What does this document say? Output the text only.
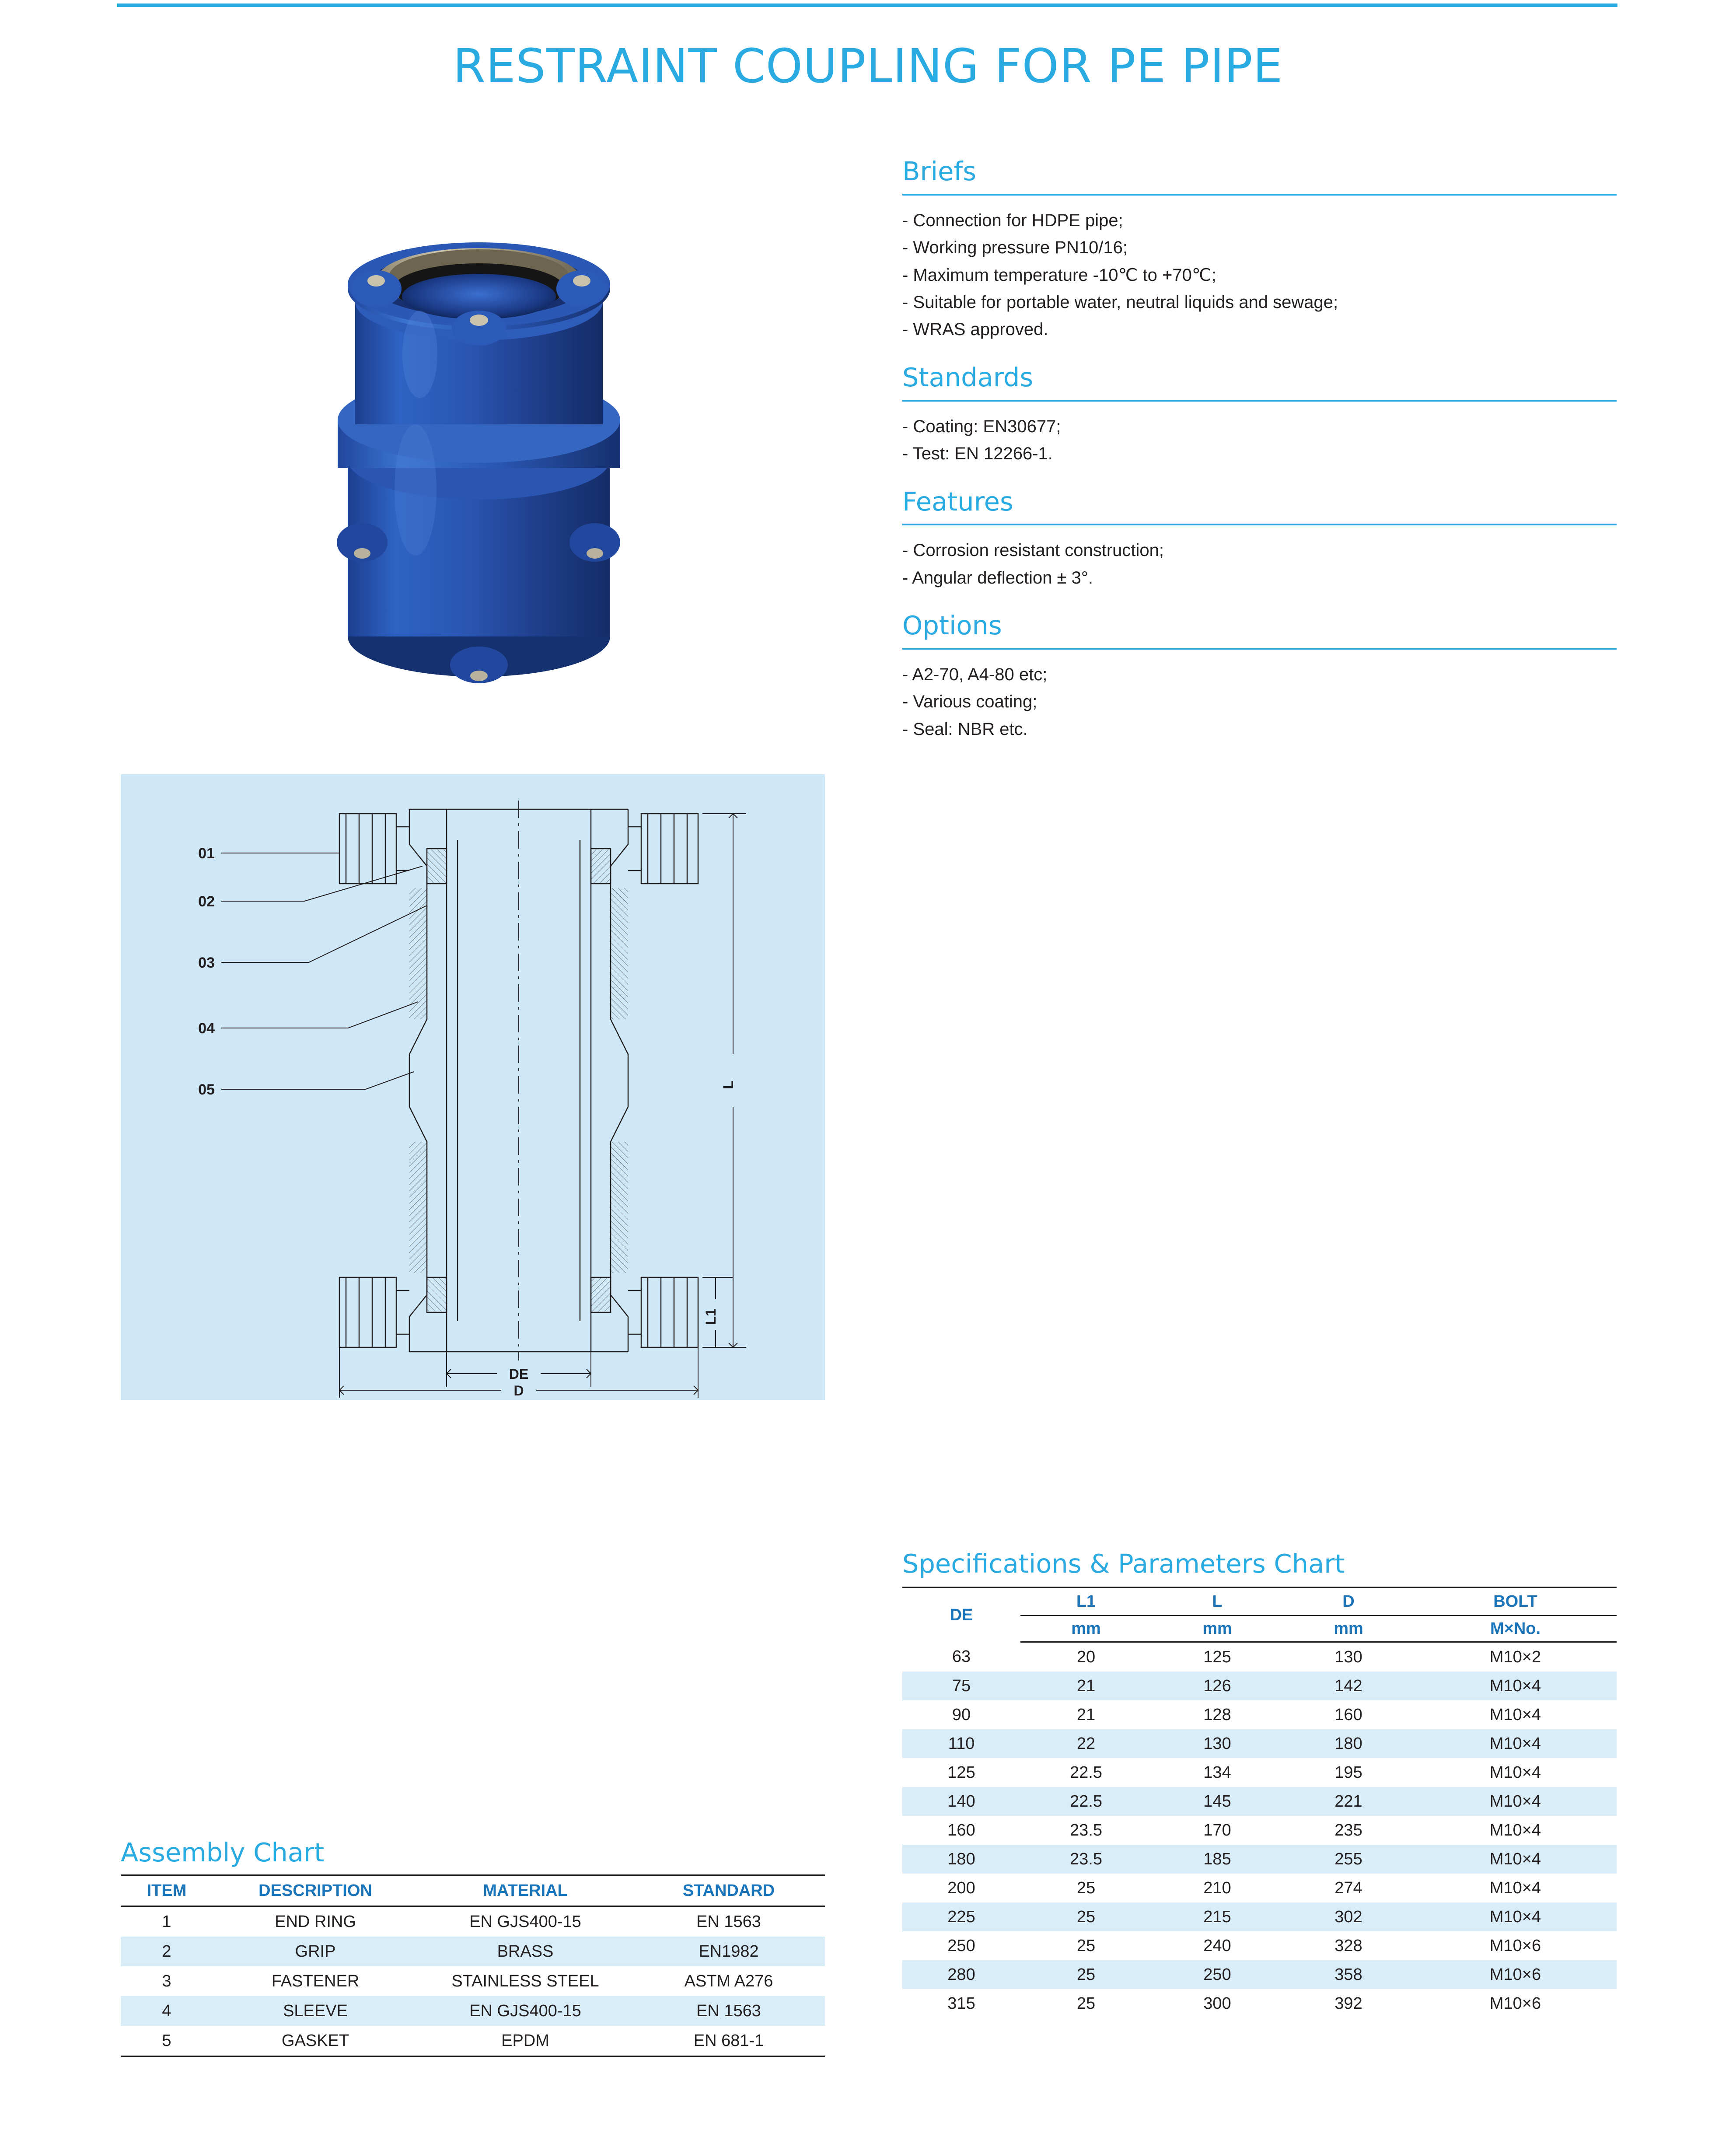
RESTRAINT COUPLING FOR PE PIPE
01
02
03
04
05	L
L1
DE
D
Briefs
- Connection for HDPE pipe;
- Working pressure PN10/16;
- Maximum temperature -10℃ to +70℃;
- Suitable for portable water, neutral liquids and sewage;
- WRAS approved.
Standards
- Coating: EN30677;
- Test: EN 12266-1.
Features
- Corrosion resistant construction;
- Angular deflection ± 3°.
Options
- A2-70, A4-80 etc;
- Various coating;
- Seal: NBR etc.
Specifications & Parameters Chart
DE	L1	L	D	BOLT
	mm	mm	mm	M×No.
63	20	125	130	M10×2
75	21	126	142	M10×4
90	21	128	160	M10×4
110	22	130	180	M10×4
125	22.5	134	195	M10×4
140	22.5	145	221	M10×4
160	23.5	170	235	M10×4
180	23.5	185	255	M10×4
200	25	210	274	M10×4
225	25	215	302	M10×4
250	25	240	328	M10×6
280	25	250	358	M10×6
315	25	300	392	M10×6
Assembly Chart
ITEM	DESCRIPTION	MATERIAL	STANDARD
1	END RING	EN GJS400-15	EN 1563
2	GRIP	BRASS	EN1982
3	FASTENER	STAINLESS STEEL	ASTM A276
4	SLEEVE	EN GJS400-15	EN 1563
5	GASKET	EPDM	EN 681-1
